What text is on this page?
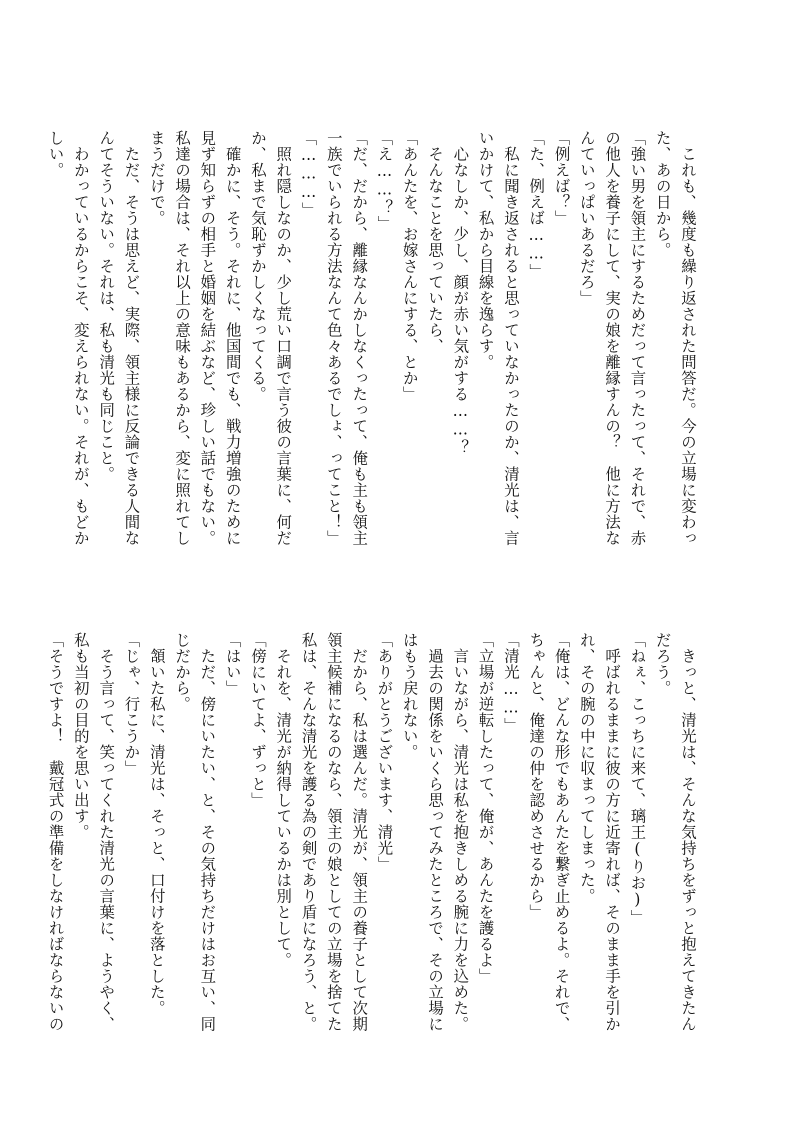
　これも、幾度も繰り返された問答だ。今の立場に変わっ
た、あの日から。
「強い男を領主にするためだって言ったって、それで、赤
の他人を養子にして、実の娘を離縁すんの？　他に方法な
んていっぱいあるだろ」
「例えば？」
「た、例えば……」
　私に聞き返されると思っていなかったのか、清光は、言
いかけて、私から目線を逸らす。
　心なしか、少し、顔が赤い気がする……？
　そんなことを思っていたら、
「あんたを、お嫁さんにする、とか」
「え……？」
「だ、だから、離縁なんかしなくったって、俺も主も領主
一族でいられる方法なんて色々あるでしょ、ってこと！」
「………」
　照れ隠しなのか、少し荒い口調で言う彼の言葉に、何だ
か、私まで気恥ずかしくなってくる。
　確かに、そう。それに、他国間でも、戦力増強のために
見ず知らずの相手と婚姻を結ぶなど、珍しい話でもない。
私達の場合は、それ以上の意味もあるから、変に照れてし
まうだけで。
　ただ、そうは思えど、実際、領主様に反論できる人間な
んてそういない。それは、私も清光も同じこと。
　わかっているからこそ、変えられない。それが、もどか
しい。
　きっと、清光は、そんな気持ちをずっと抱えてきたん
だろう。
「ねぇ、こっちに来て、璃王(りお)」
　呼ばれるままに彼の方に近寄れば、そのまま手を引か
れ、その腕の中に収まってしまった。
「俺は、どんな形でもあんたを繋ぎ止めるよ。それで、
ちゃんと、俺達の仲を認めさせるから」
「清光……」
「立場が逆転したって、俺が、あんたを護るよ」
　言いながら、清光は私を抱きしめる腕に力を込めた。
　過去の関係をいくら思ってみたところで、その立場に
はもう戻れない。
「ありがとうございます、清光」
　だから、私は選んだ。清光が、領主の養子として次期
領主候補になるのなら、領主の娘としての立場を捨てた
私は、そんな清光を護る為の剣であり盾になろう、と。
　それを、清光が納得しているかは別として。
「傍にいてよ、ずっと」
「はい」
　ただ、傍にいたい、と、その気持ちだけはお互い、同
じだから。
　頷いた私に、清光は、そっと、口付けを落とした。
「じゃ、行こうか」
　そう言って、笑ってくれた清光の言葉に、ようやく、
私も当初の目的を思い出す。
「そうですよ！　戴冠式の準備をしなければならないの
